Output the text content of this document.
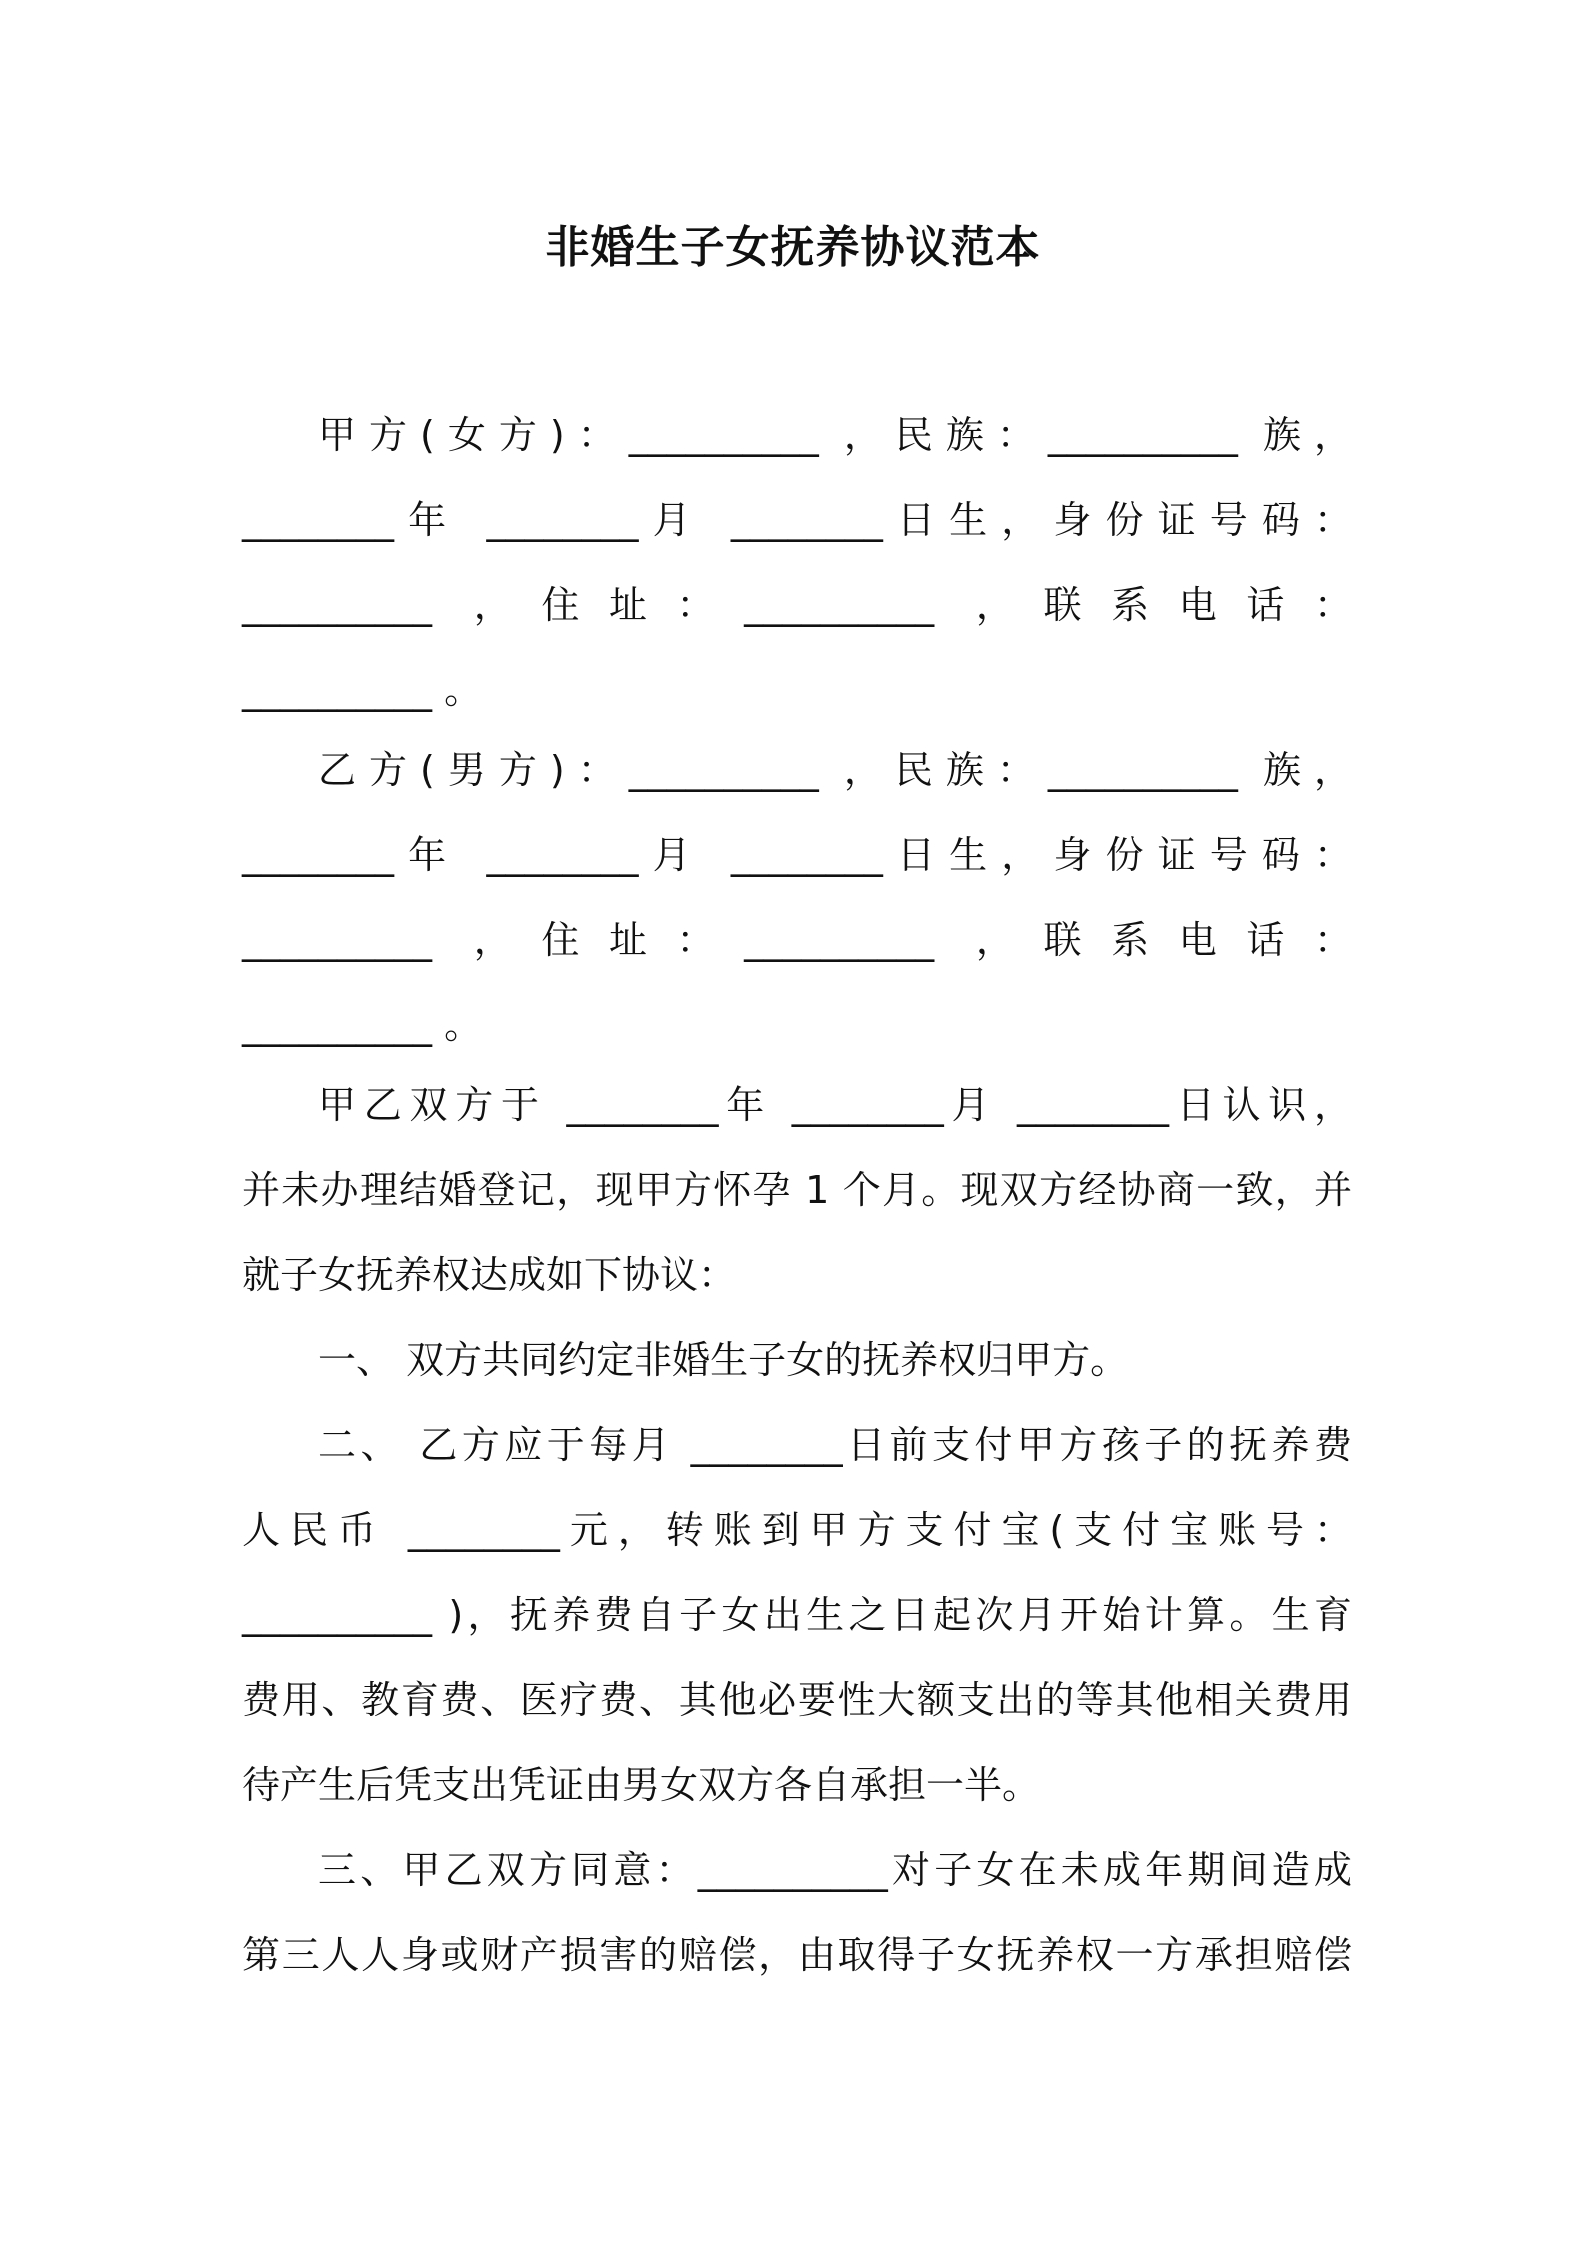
非婚生子女抚养协议范本

甲方(女方)：__________ ，民族：__________ 族，

________年 ________月 ________日生，身份证号码：

__________ ，住址：__________ ，联系电话：

__________ 。

乙方(男方)：__________ ，民族：__________ 族，

________年 ________月 ________日生，身份证号码：

__________ ，住址：__________ ，联系电话：

__________ 。

甲乙双方于 ________年 ________月 ________日认识，

并未办理结婚登记，现甲方怀孕 1 个月。现双方经协商一致，并

就子女抚养权达成如下协议：

一、 双方共同约定非婚生子女的抚养权归甲方。

二、 乙方应于每月 ________日前支付甲方孩子的抚养费

人民币 ________元，转账到甲方支付宝(支付宝账号：

__________ )，抚养费自子女出生之日起次月开始计算。生育

费用、教育费、医疗费、其他必要性大额支出的等其他相关费用

待产生后凭支出凭证由男女双方各自承担一半。

三、甲乙双方同意：__________对子女在未成年期间造成

第三人人身或财产损害的赔偿，由取得子女抚养权一方承担赔偿
